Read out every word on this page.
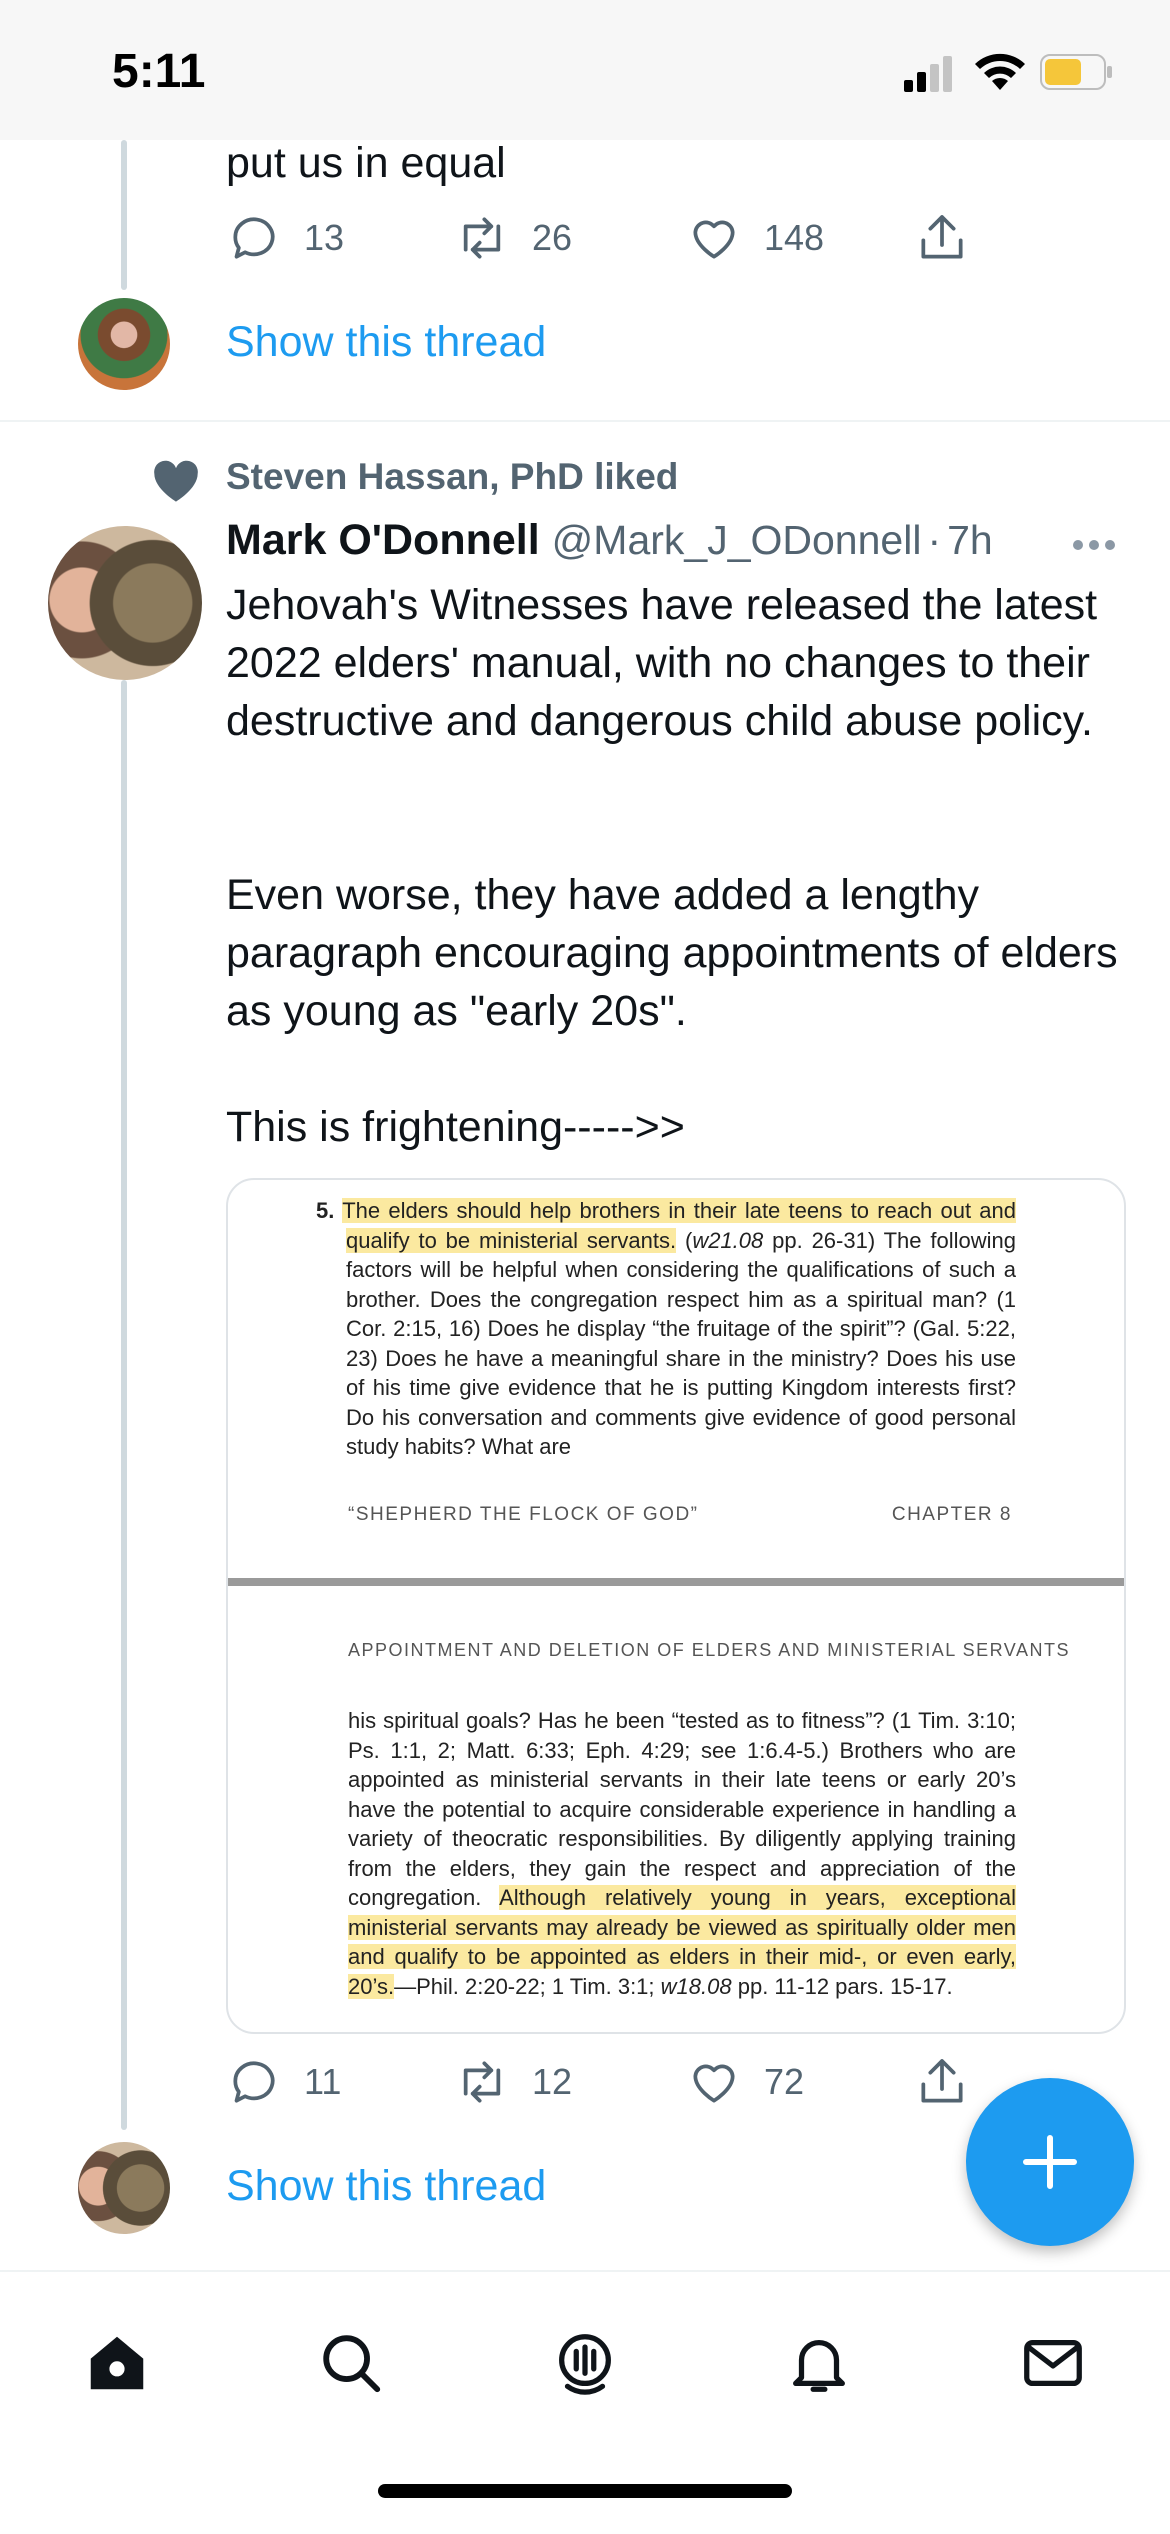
5:11
put us in equal
13	26	148
Show this thread
Steven Hassan, PhD liked
Mark O'Donnell @Mark_J_ODonnell · 7h
Jehovah's Witnesses have released the latest 2022 elders' manual, with no changes to their destructive and dangerous child abuse policy.
Even worse, they have added a lengthy paragraph encouraging appointments of elders as young as "early 20s".
This is frightening----->>
5. The elders should help brothers in their late teens to reach out and qualify to be ministerial servants. (w21.08 pp. 26-31) The following factors will be helpful when considering the qualifications of such a brother. Does the congregation respect him as a spiritual man? (1 Cor. 2:15, 16) Does he display “the fruitage of the spirit”? (Gal. 5:22, 23) Does he have a meaningful share in the ministry? Does his use of his time give evidence that he is putting Kingdom interests first? Do his conversation and comments give evidence of good personal study habits? What are
“SHEPHERD THE FLOCK OF GOD”	CHAPTER 8
APPOINTMENT AND DELETION OF ELDERS AND MINISTERIAL SERVANTS
his spiritual goals? Has he been “tested as to fitness”? (1 Tim. 3:10; Ps. 1:1, 2; Matt. 6:33; Eph. 4:29; see 1:6.4-5.) Brothers who are appointed as ministerial servants in their late teens or early 20’s have the potential to acquire considerable experience in handling a variety of theocratic responsibilities. By diligently applying training from the elders, they gain the respect and appreciation of the congregation. Although relatively young in years, exceptional ministerial servants may already be viewed as spiritually older men and qualify to be appointed as elders in their mid-, or even early, 20’s.—Phil. 2:20-22; 1 Tim. 3:1; w18.08 pp. 11-12 pars. 15-17.
11	12	72
Show this thread
